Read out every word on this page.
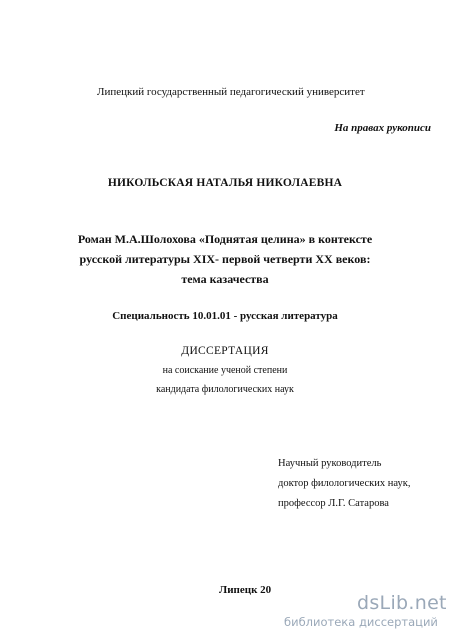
Липецкий государственный педагогический университет
На правах рукописи
НИКОЛЬСКАЯ НАТАЛЬЯ НИКОЛАЕВНА
Роман М.А.Шолохова «Поднятая целина» в контексте
русской литературы XIX- первой четверти XX веков:
тема казачества
Специальность 10.01.01 - русская литература
ДИССЕРТАЦИЯ
на соискание ученой степени
кандидата филологических наук
Научный руководитель
доктор филологических наук,
профессор Л.Г. Сатарова
Липецк 20
dsLib.net
библиотека диссертаций
